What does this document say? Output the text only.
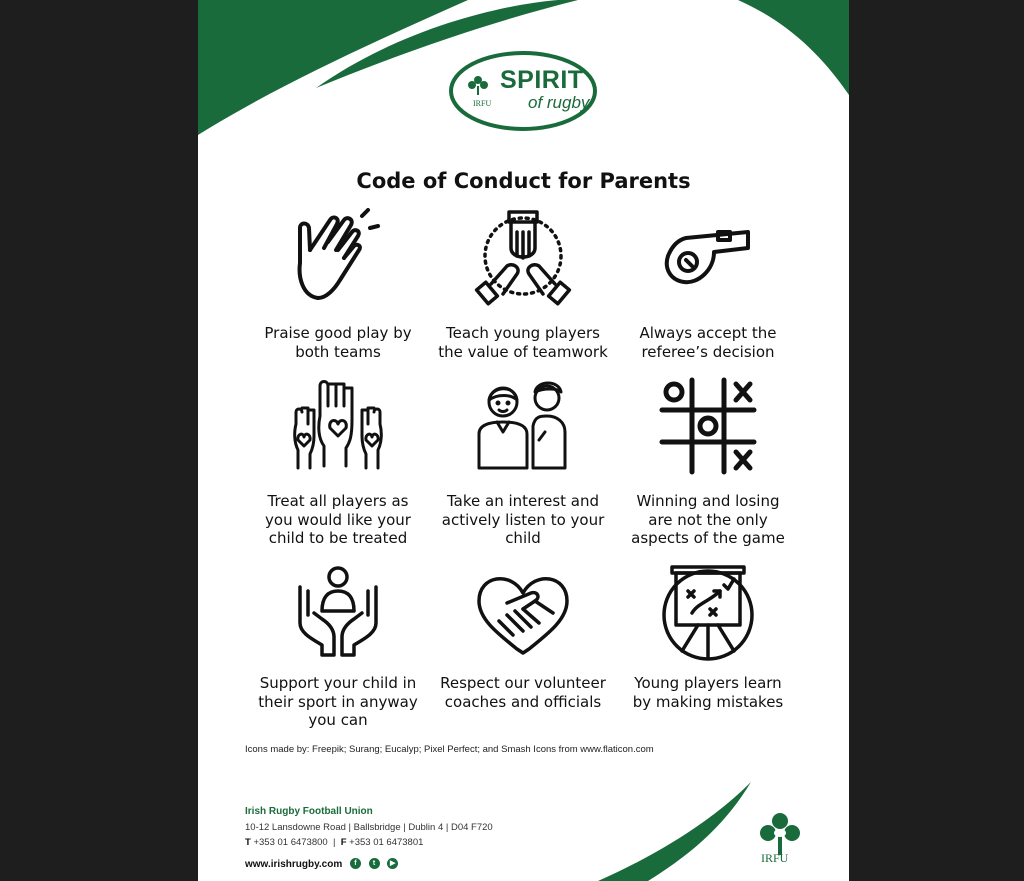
SPIRIT
of rugby
IRFU
Code of Conduct for Parents
Praise good play by
both teams
Teach young players
the value of teamwork
Always accept the
referee’s decision
Treat all players as
you would like your
child to be treated
Take an interest and
actively listen to your
child
Winning and losing
are not the only
aspects of the game
Support your child in
their sport in anyway
you can
Respect our volunteer
coaches and officials
Young players learn
by making mistakes
Icons made by: Freepik; Surang; Eucalyp; Pixel Perfect; and Smash Icons from www.flaticon.com
Irish Rugby Football Union
10-12 Lansdowne Road | Ballsbridge | Dublin 4 | D04 F720
T +353 01 6473800 | F +353 01 6473801
www.irishrugby.com f t ▶	IRFU
